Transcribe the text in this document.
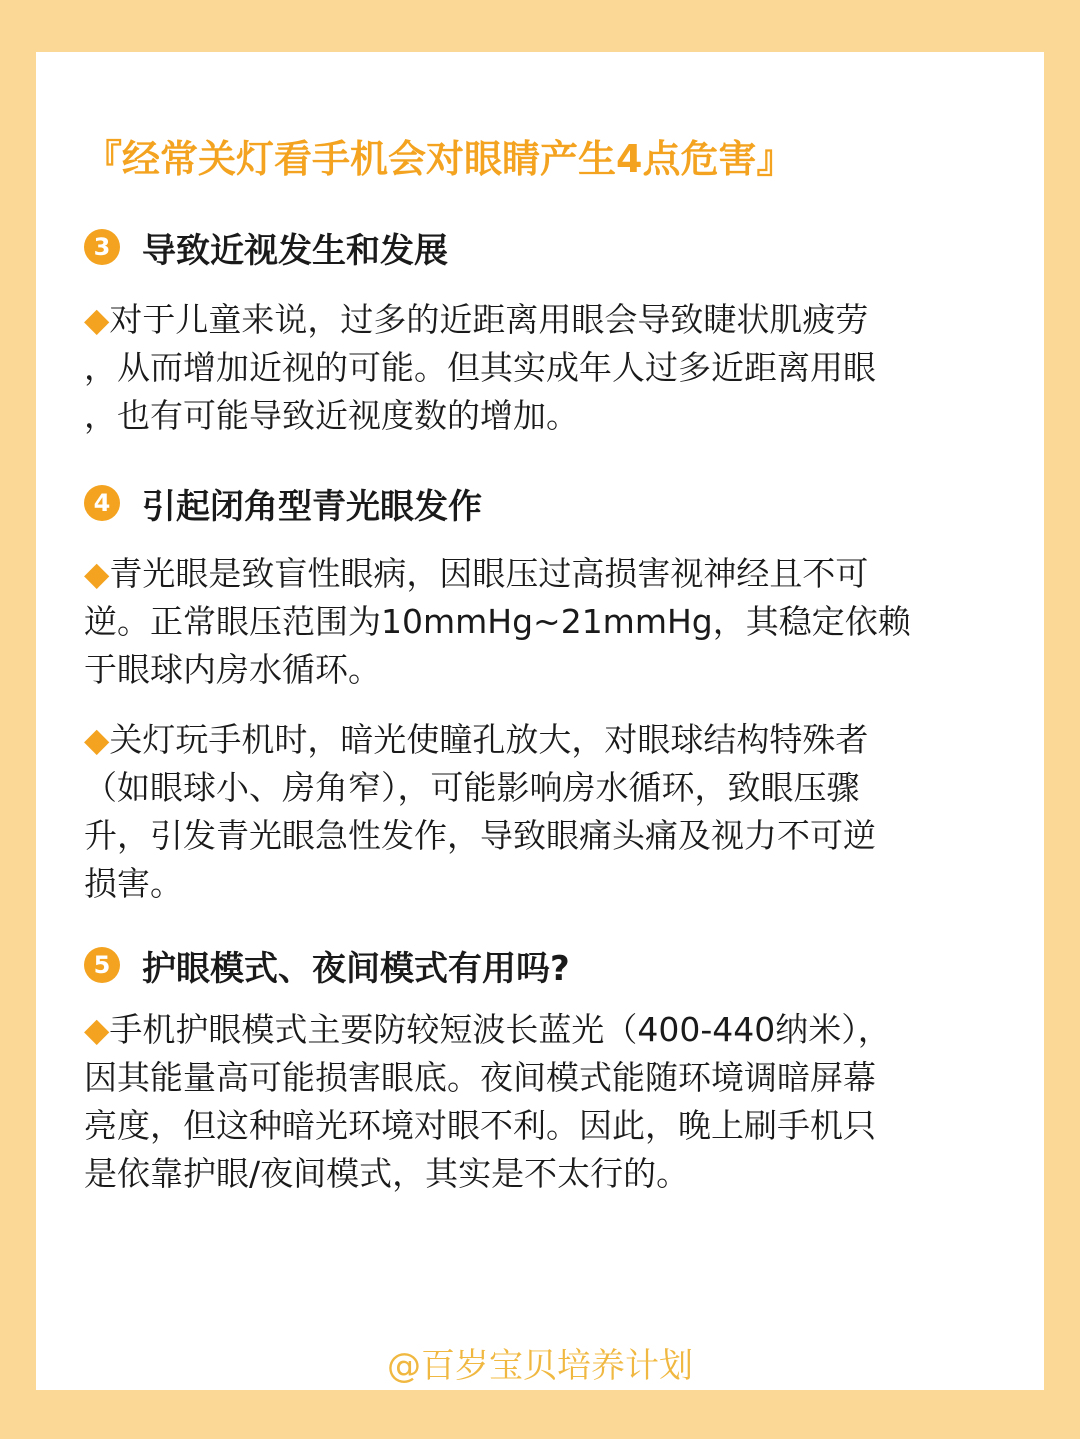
『经常关灯看手机会对眼睛产生4点危害』
3 导致近视发生和发展
◆对于儿童来说，过多的近距离用眼会导致睫状肌疲劳
，从而增加近视的可能。但其实成年人过多近距离用眼
，也有可能导致近视度数的增加。
4 引起闭角型青光眼发作
◆青光眼是致盲性眼病，因眼压过高损害视神经且不可
逆。正常眼压范围为10mmHg~21mmHg，其稳定依赖
于眼球内房水循环。
◆关灯玩手机时，暗光使瞳孔放大，对眼球结构特殊者
（如眼球小、房角窄），可能影响房水循环，致眼压骤
升，引发青光眼急性发作，导致眼痛头痛及视力不可逆
损害。
5 护眼模式、夜间模式有用吗?
◆手机护眼模式主要防较短波长蓝光（400-440纳米），
因其能量高可能损害眼底。夜间模式能随环境调暗屏幕
亮度，但这种暗光环境对眼不利。因此，晚上刷手机只
是依靠护眼/夜间模式，其实是不太行的。
@百岁宝贝培养计划
